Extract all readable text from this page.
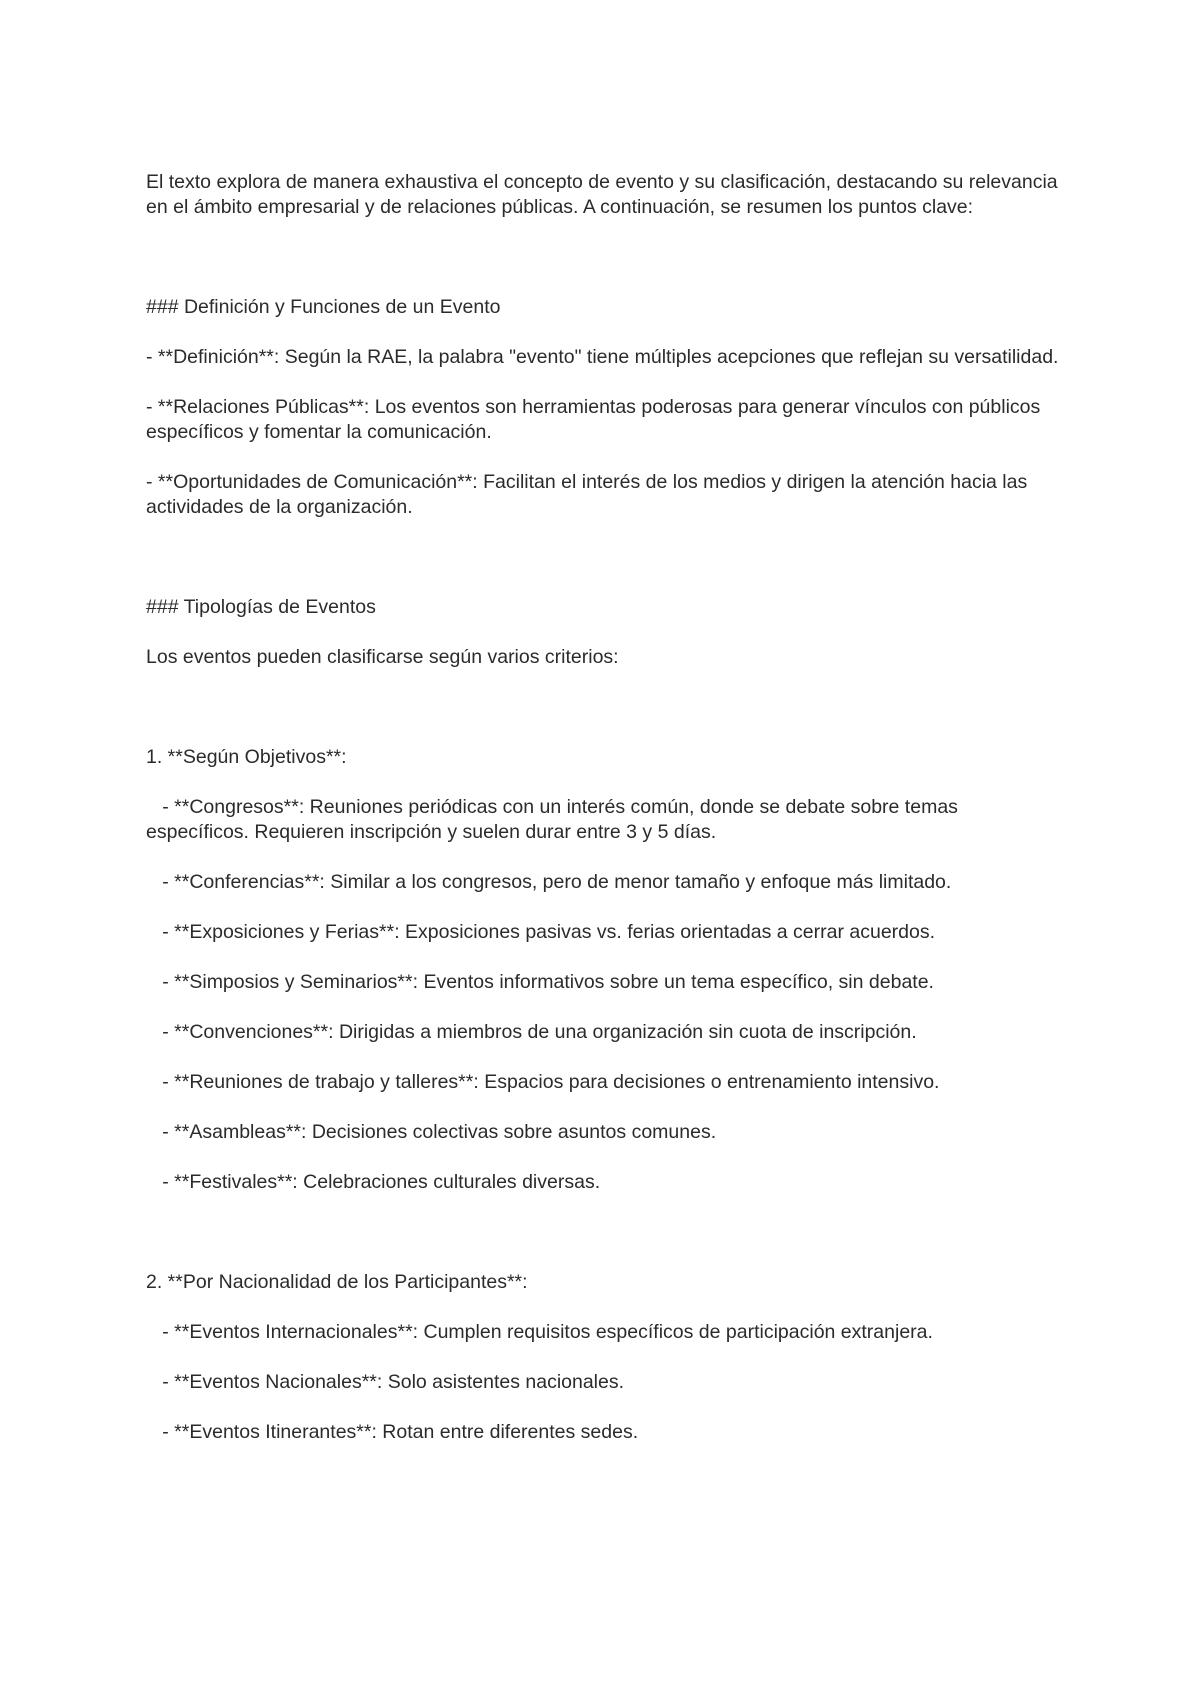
El texto explora de manera exhaustiva el concepto de evento y su clasificación, destacando su relevancia en el ámbito empresarial y de relaciones públicas. A continuación, se resumen los puntos clave:

### Definición y Funciones de un Evento

- **Definición**: Según la RAE, la palabra "evento" tiene múltiples acepciones que reflejan su versatilidad.

- **Relaciones Públicas**: Los eventos son herramientas poderosas para generar vínculos con públicos específicos y fomentar la comunicación.

- **Oportunidades de Comunicación**: Facilitan el interés de los medios y dirigen la atención hacia las actividades de la organización.

### Tipologías de Eventos

Los eventos pueden clasificarse según varios criterios:

1. **Según Objetivos**:

- **Congresos**: Reuniones periódicas con un interés común, donde se debate sobre temas específicos. Requieren inscripción y suelen durar entre 3 y 5 días.

- **Conferencias**: Similar a los congresos, pero de menor tamaño y enfoque más limitado.

- **Exposiciones y Ferias**: Exposiciones pasivas vs. ferias orientadas a cerrar acuerdos.

- **Simposios y Seminarios**: Eventos informativos sobre un tema específico, sin debate.

- **Convenciones**: Dirigidas a miembros de una organización sin cuota de inscripción.

- **Reuniones de trabajo y talleres**: Espacios para decisiones o entrenamiento intensivo.

- **Asambleas**: Decisiones colectivas sobre asuntos comunes.

- **Festivales**: Celebraciones culturales diversas.

2. **Por Nacionalidad de los Participantes**:

- **Eventos Internacionales**: Cumplen requisitos específicos de participación extranjera.

- **Eventos Nacionales**: Solo asistentes nacionales.

- **Eventos Itinerantes**: Rotan entre diferentes sedes.
